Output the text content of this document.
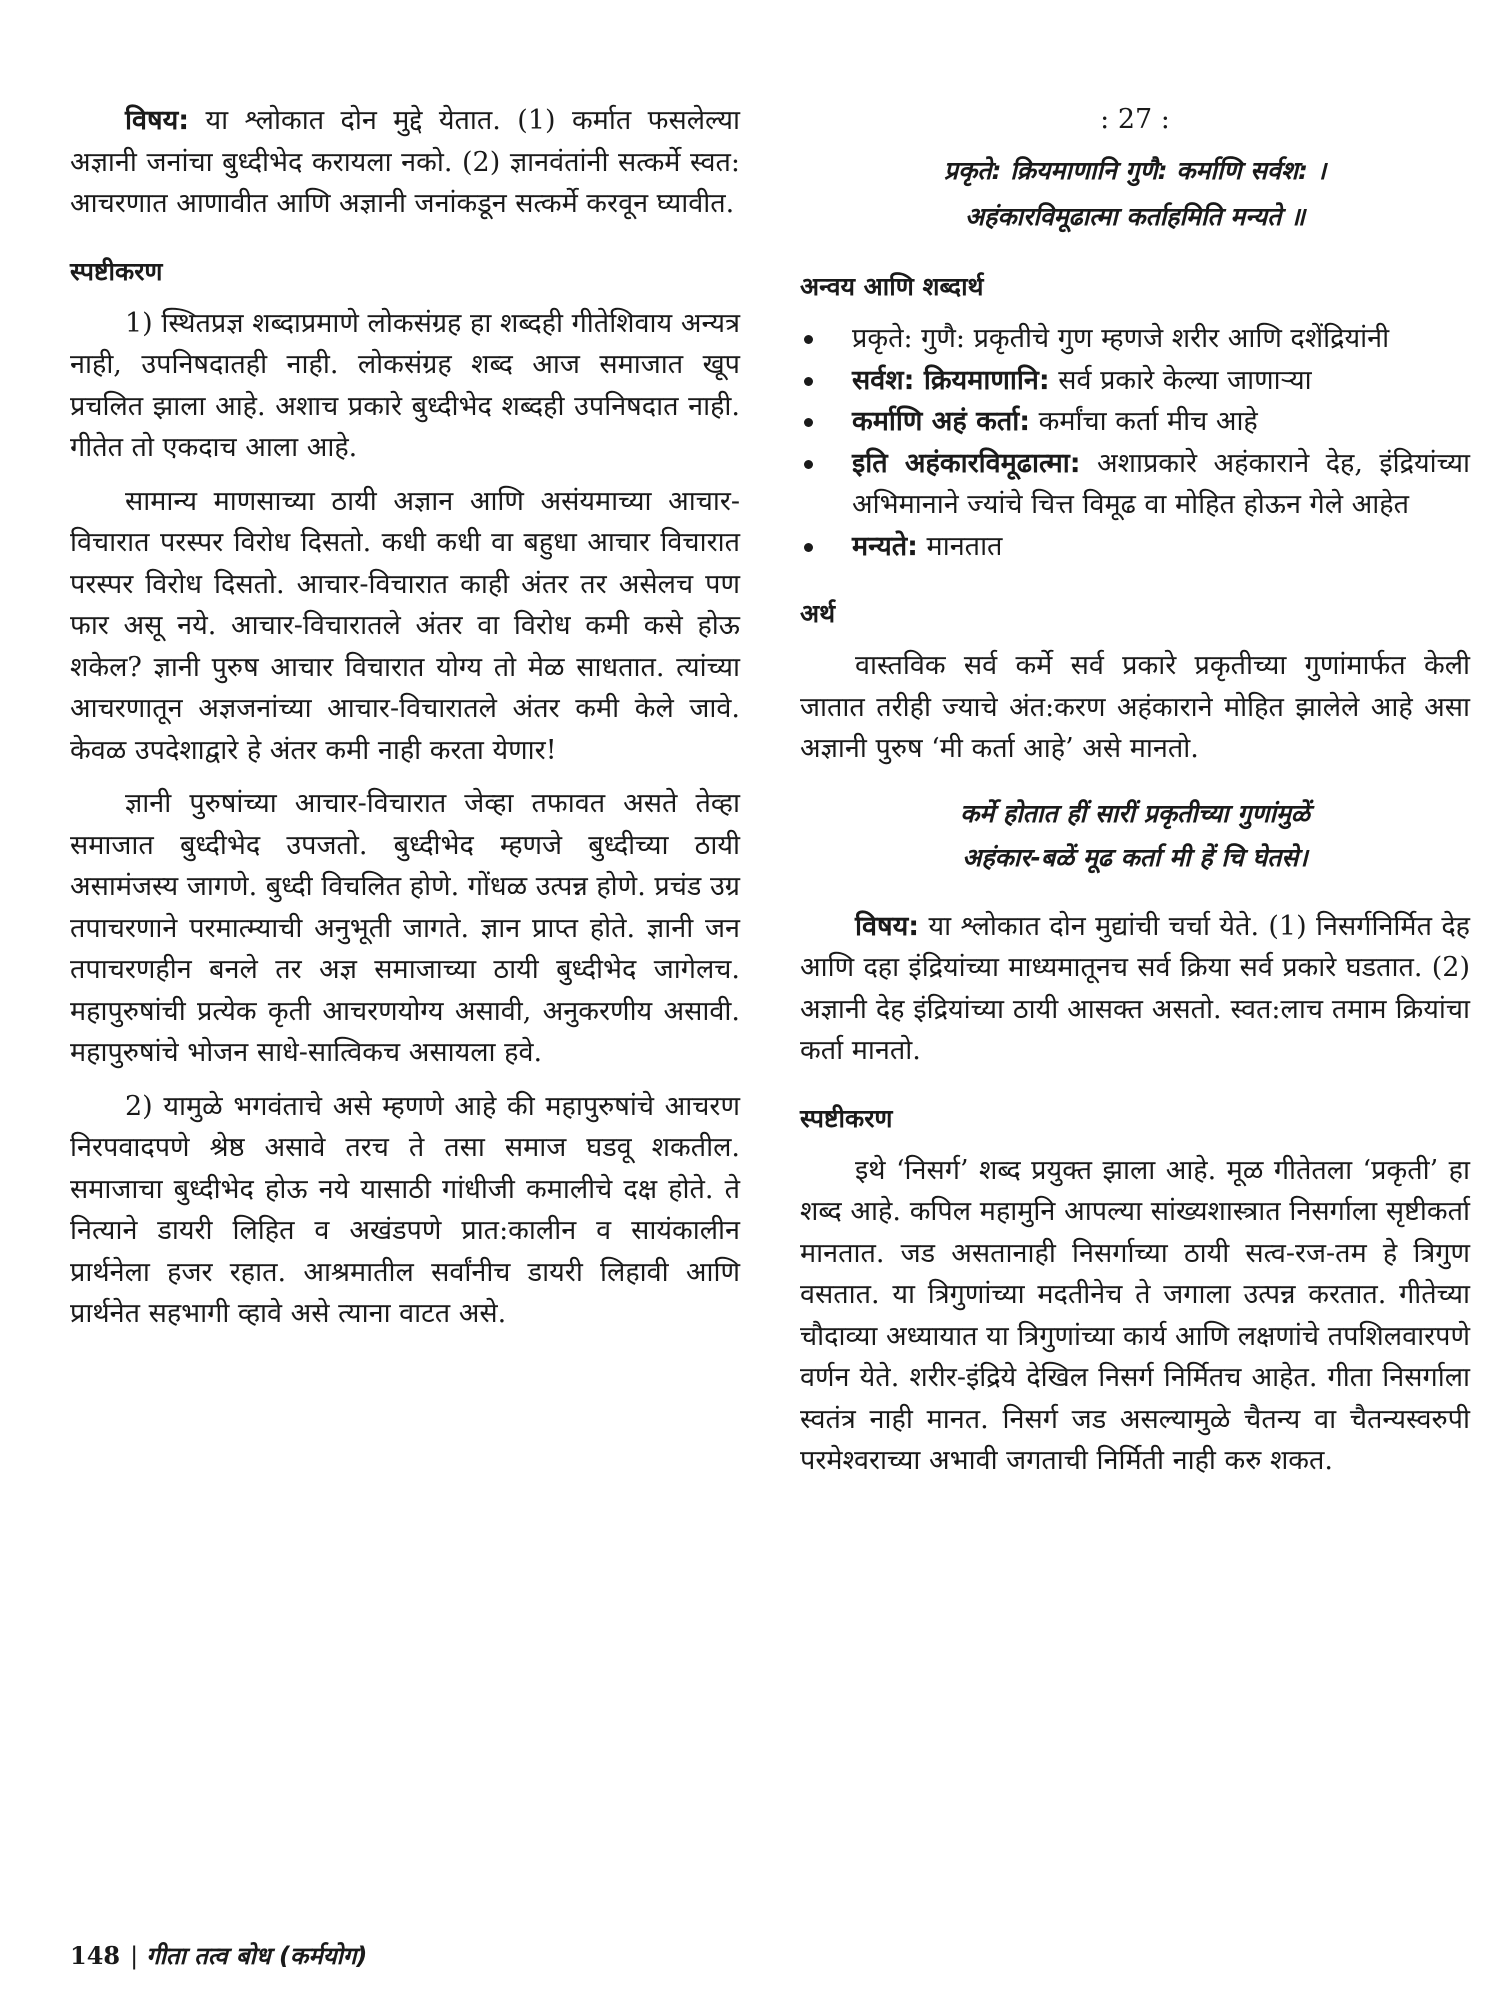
विषय: या श्लोकात दोन मुद्दे येतात. (1) कर्मात फसलेल्या अज्ञानी जनांचा बुध्दीभेद करायला नको. (2) ज्ञानवंतांनी सत्कर्मे स्वत: आचरणात आणावीत आणि अज्ञानी जनांकडून सत्कर्मे करवून घ्यावीत.

स्पष्टीकरण

1) स्थितप्रज्ञ शब्दाप्रमाणे लोकसंग्रह हा शब्दही गीतेशिवाय अन्यत्र नाही, उपनिषदातही नाही. लोकसंग्रह शब्द आज समाजात खूप प्रचलित झाला आहे. अशाच प्रकारे बुध्दीभेद शब्दही उपनिषदात नाही. गीतेत तो एकदाच आला आहे.

सामान्य माणसाच्या ठायी अज्ञान आणि असंयमाच्या आचार-विचारात परस्पर विरोध दिसतो. कधी कधी वा बहुधा आचार विचारात परस्पर विरोध दिसतो. आचार-विचारात काही अंतर तर असेलच पण फार असू नये. आचार-विचारातले अंतर वा विरोध कमी कसे होऊ शकेल? ज्ञानी पुरुष आचार विचारात योग्य तो मेळ साधतात. त्यांच्या आचरणातून अज्ञजनांच्या आचार-विचारातले अंतर कमी केले जावे. केवळ उपदेशाद्वारे हे अंतर कमी नाही करता येणार!

ज्ञानी पुरुषांच्या आचार-विचारात जेव्हा तफावत असते तेव्हा समाजात बुध्दीभेद उपजतो. बुध्दीभेद म्हणजे बुध्दीच्या ठायी असामंजस्य जागणे. बुध्दी विचलित होणे. गोंधळ उत्पन्न होणे. प्रचंड उग्र तपाचरणाने परमात्म्याची अनुभूती जागते. ज्ञान प्राप्त होते. ज्ञानी जन तपाचरणहीन बनले तर अज्ञ समाजाच्या ठायी बुध्दीभेद जागेलच. महापुरुषांची प्रत्येक कृती आचरणयोग्य असावी, अनुकरणीय असावी. महापुरुषांचे भोजन साधे-सात्विकच असायला हवे.

2) यामुळे भगवंताचे असे म्हणणे आहे की महापुरुषांचे आचरण निरपवादपणे श्रेष्ठ असावे तरच ते तसा समाज घडवू शकतील. समाजाचा बुध्दीभेद होऊ नये यासाठी गांधीजी कमालीचे दक्ष होते. ते नित्याने डायरी लिहित व अखंडपणे प्रात:कालीन व सायंकालीन प्रार्थनेला हजर रहात. आश्रमातील सर्वांनीच डायरी लिहावी आणि प्रार्थनेत सहभागी व्हावे असे त्याना वाटत असे.

: 27 :
प्रकृते: क्रियमाणानि गुणै: कर्माणि सर्वश: ।
अहंकारविमूढात्मा कर्ताहमिति मन्यते ॥
अन्वय आणि शब्दार्थ
प्रकृते: गुणै: प्रकृतीचे गुण म्हणजे शरीर आणि दशेंद्रियांनी
सर्वश: क्रियमाणानि: सर्व प्रकारे केल्या जाणाऱ्या
कर्माणि अहं कर्ता: कर्मांचा कर्ता मीच आहे
इति अहंकारविमूढात्मा: अशाप्रकारे अहंकाराने देह, इंद्रियांच्या अभिमानाने ज्यांचे चित्त विमूढ वा मोहित होऊन गेले आहेत
मन्यते: मानतात
अर्थ

वास्तविक सर्व कर्मे सर्व प्रकारे प्रकृतीच्या गुणांमार्फत केली जातात तरीही ज्याचे अंत:करण अहंकाराने मोहित झालेले आहे असा अज्ञानी पुरुष ‘मी कर्ता आहे’ असे मानतो.

कर्मे होतात हीं सारीं प्रकृतीच्या गुणांमुळें
अहंकार-बळें मूढ कर्ता मी हें चि घेतसे।

विषय: या श्लोकात दोन मुद्यांची चर्चा येते. (1) निसर्गनिर्मित देह आणि दहा इंद्रियांच्या माध्यमातूनच सर्व क्रिया सर्व प्रकारे घडतात. (2) अज्ञानी देह इंद्रियांच्या ठायी आसक्त असतो. स्वत:लाच तमाम क्रियांचा कर्ता मानतो.

स्पष्टीकरण

इथे ‘निसर्ग’ शब्द प्रयुक्त झाला आहे. मूळ गीतेतला ‘प्रकृती’ हा शब्द आहे. कपिल महामुनि आपल्या सांख्यशास्त्रात निसर्गाला सृष्टीकर्ता मानतात. जड असतानाही निसर्गाच्या ठायी सत्व-रज-तम हे त्रिगुण वसतात. या त्रिगुणांच्या मदतीनेच ते जगाला उत्पन्न करतात. गीतेच्या चौदाव्या अध्यायात या त्रिगुणांच्या कार्य आणि लक्षणांचे तपशिलवारपणे वर्णन येते. शरीर-इंद्रिये देखिल निसर्ग निर्मितच आहेत. गीता निसर्गाला स्वतंत्र नाही मानत. निसर्ग जड असल्यामुळे चैतन्य वा चैतन्यस्वरुपी परमेश्वराच्या अभावी जगताची निर्मिती नाही करु शकत.

148 | गीता तत्व बोध (कर्मयोग)
